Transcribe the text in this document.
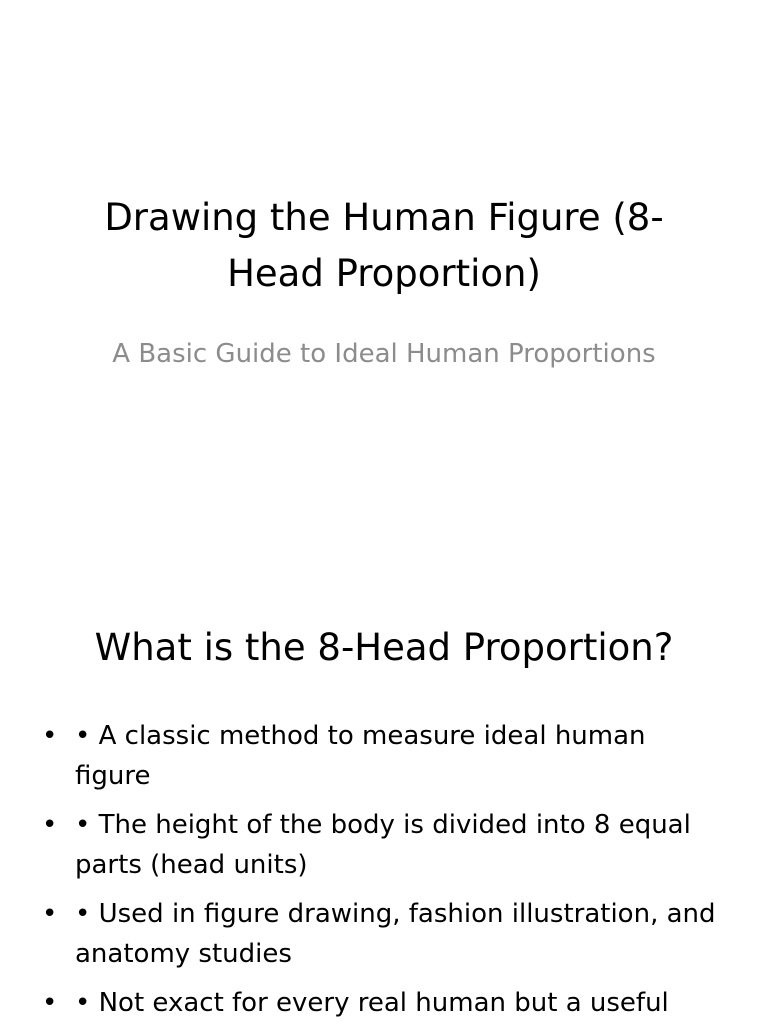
Drawing the Human Figure (8-Head Proportion)

A Basic Guide to Ideal Human Proportions

What is the 8-Head Proportion?
• • A classic method to measure ideal human figure
• • The height of the body is divided into 8 equal parts (head units)
• • Used in figure drawing, fashion illustration, and anatomy studies
• • Not exact for every real human but a useful
